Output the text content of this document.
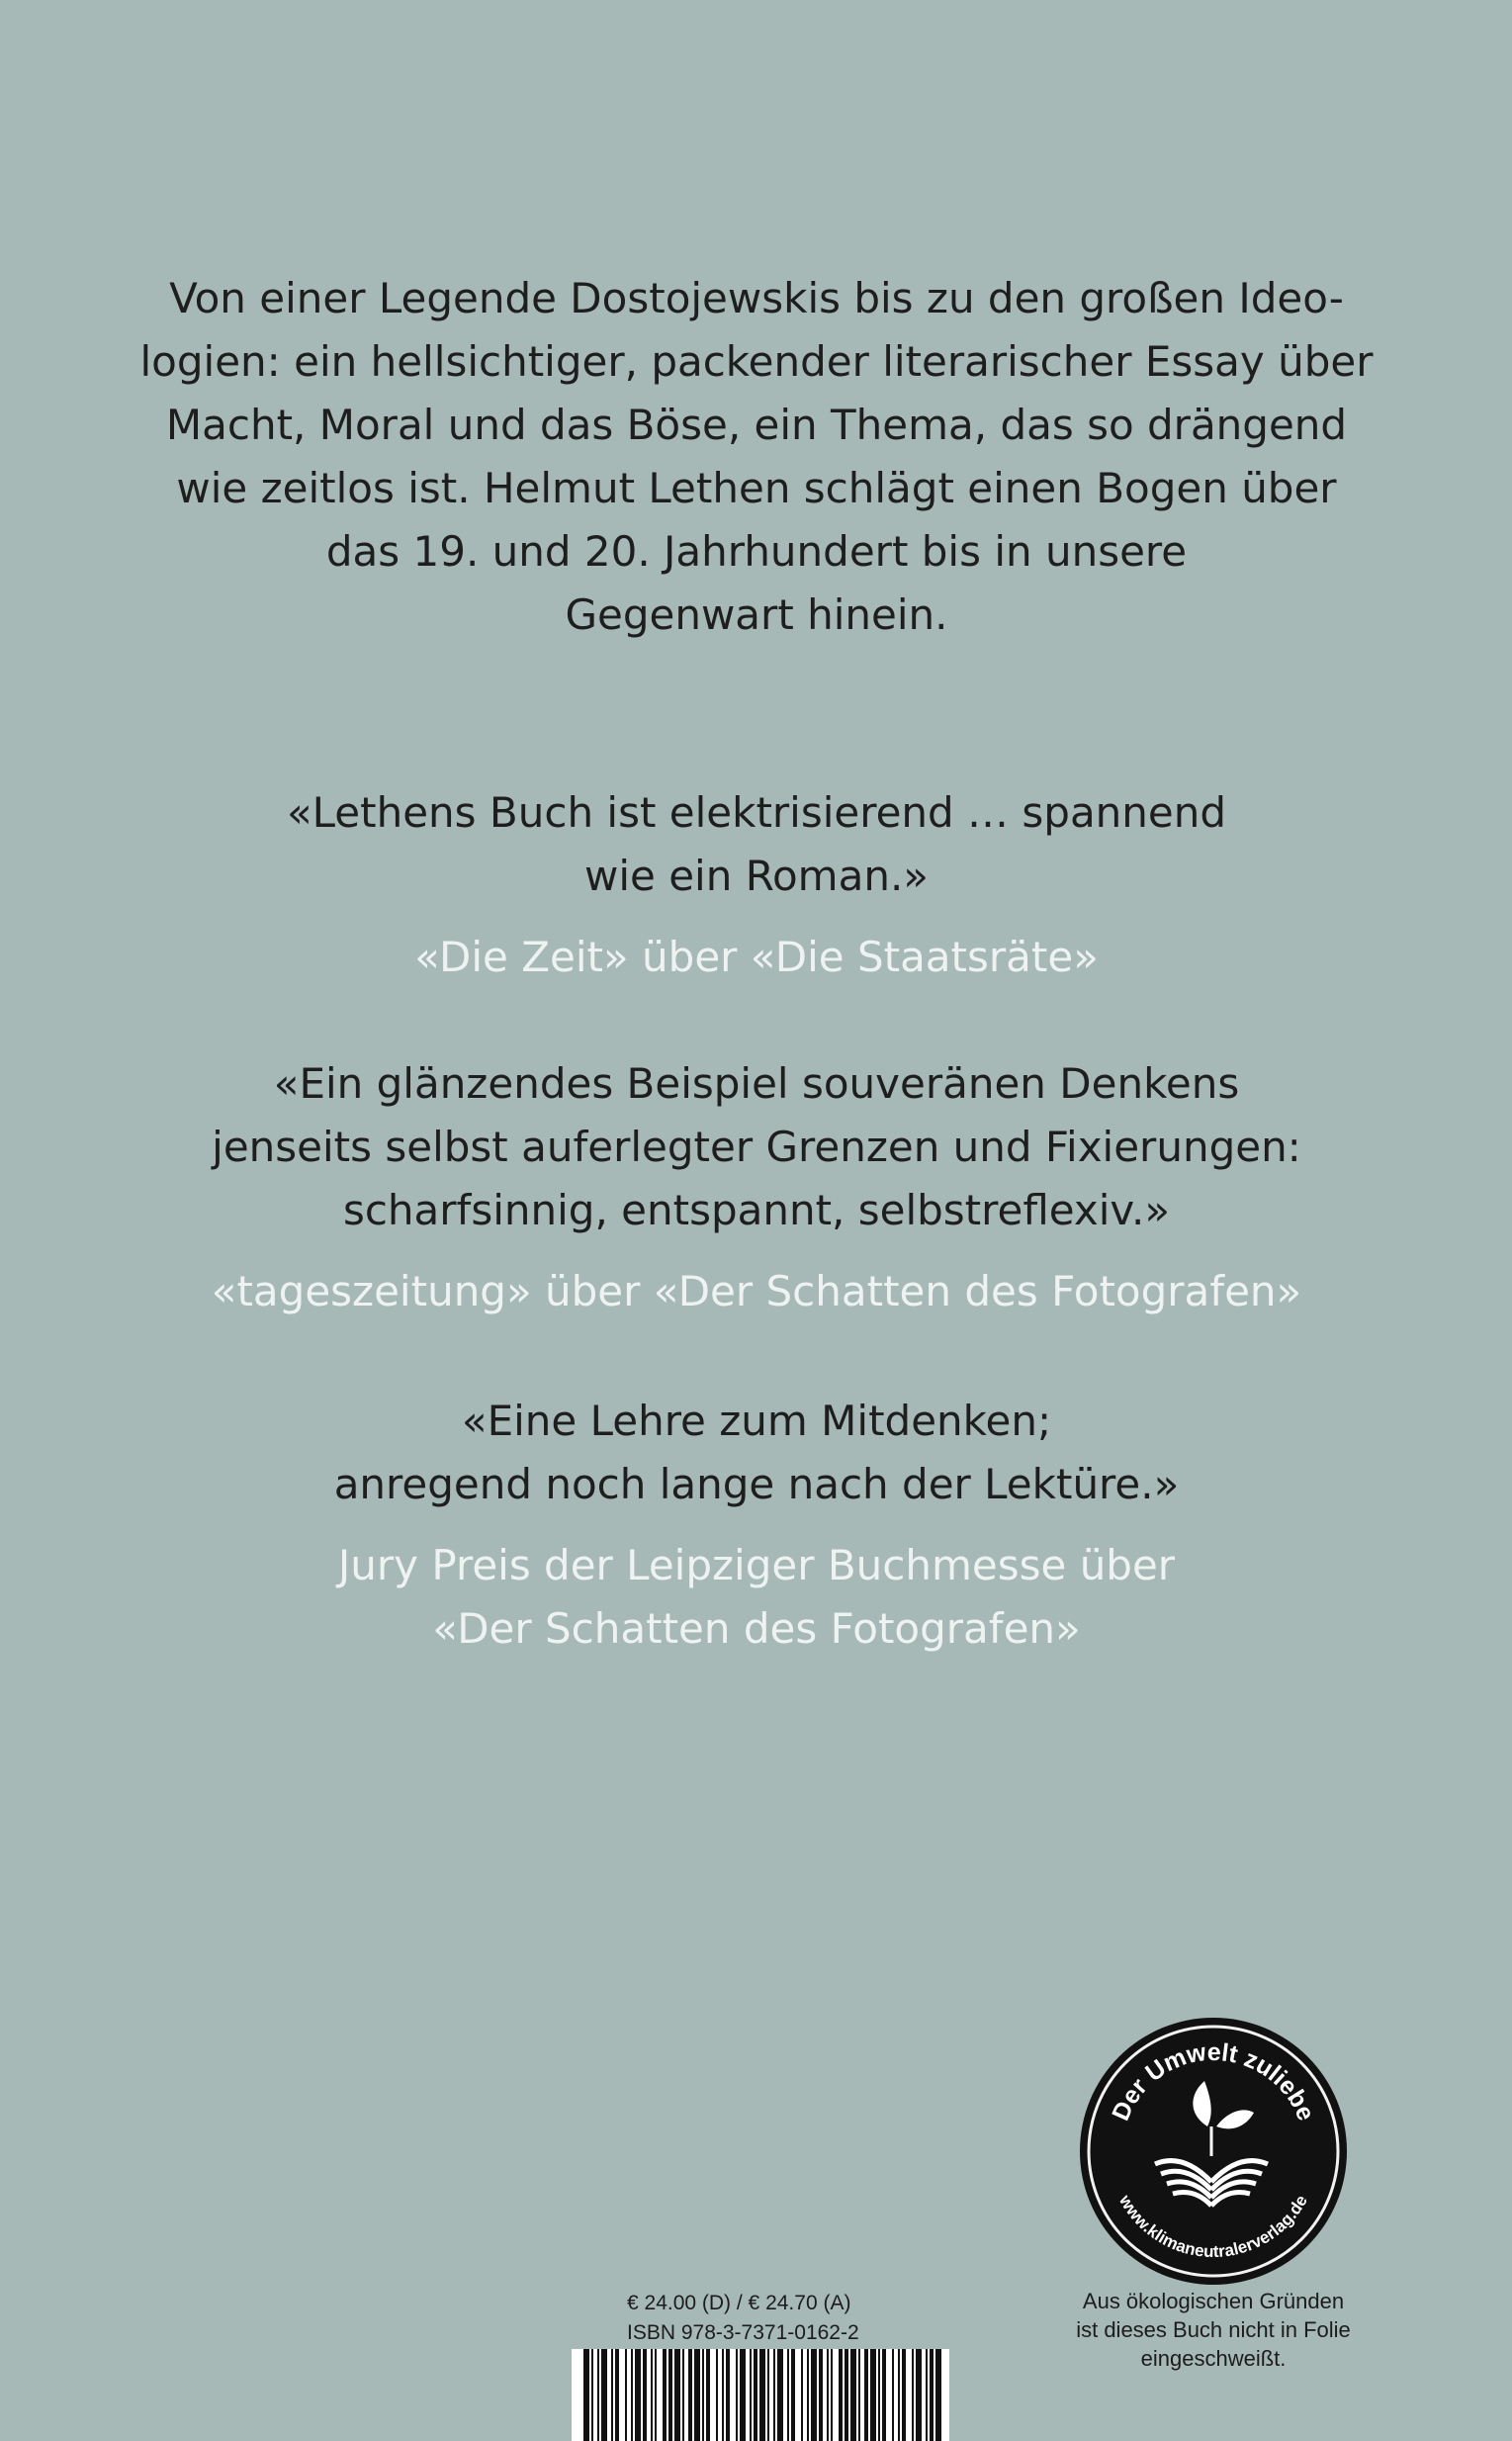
Von einer Legende Dostojewskis bis zu den großen Ideo-
logien: ein hellsichtiger, packender literarischer Essay über
Macht, Moral und das Böse, ein Thema, das so drängend
wie zeitlos ist. Helmut Lethen schlägt einen Bogen über
das 19. und 20. Jahrhundert bis in unsere
Gegenwart hinein.
«Lethens Buch ist elektrisierend … spannend
wie ein Roman.»
«Die Zeit» über «Die Staatsräte»
«Ein glänzendes Beispiel souveränen Denkens
jenseits selbst auferlegter Grenzen und Fixierungen:
scharfsinnig, entspannt, selbstreflexiv.»
«tageszeitung» über «Der Schatten des Fotografen»
«Eine Lehre zum Mitdenken;
anregend noch lange nach der Lektüre.»
Jury Preis der Leipziger Buchmesse über
«Der Schatten des Fotografen»
Der Umwelt zuliebe
www.klimaneutralerverlag.de
Aus ökologischen Gründen
ist dieses Buch nicht in Folie
eingeschweißt.
€ 24.00 (D) / € 24.70 (A)
ISBN 978-3-7371-0162-2
